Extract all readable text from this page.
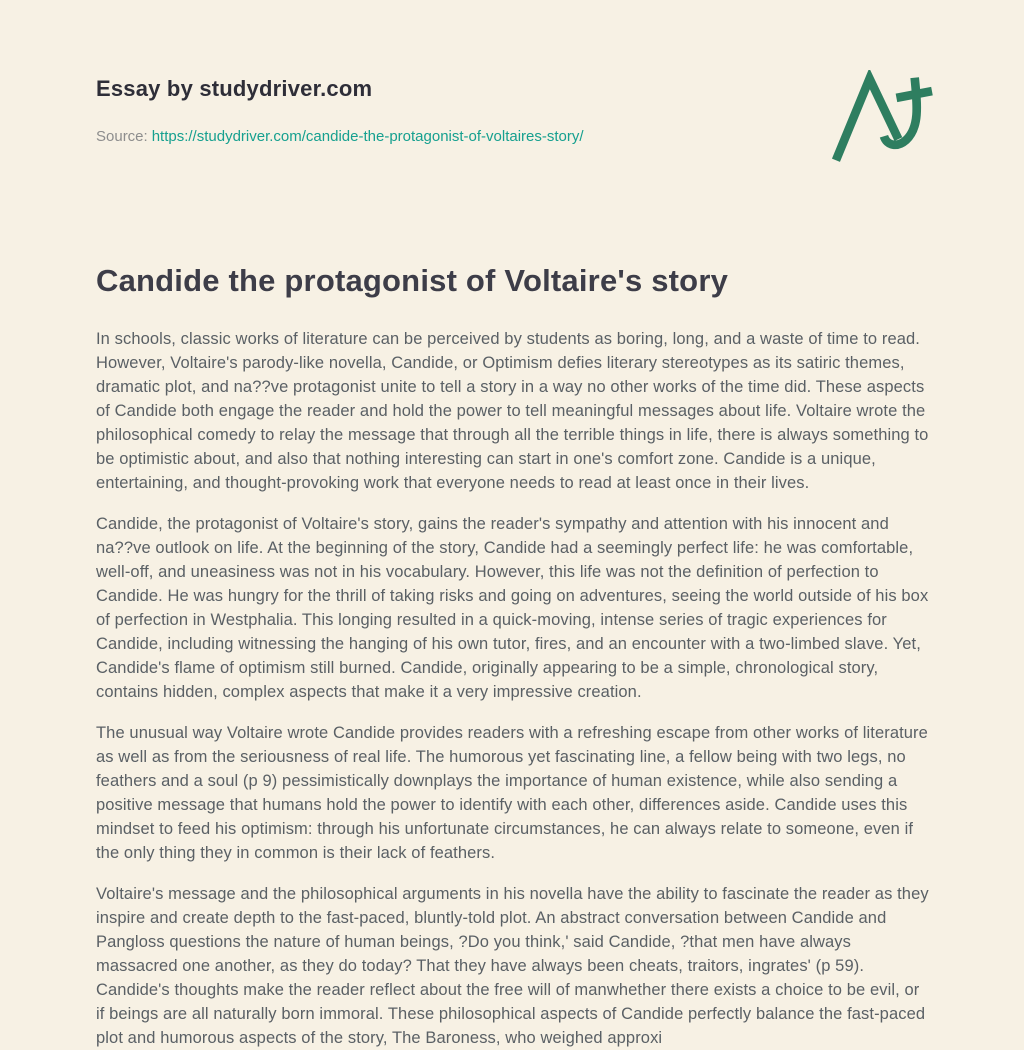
Essay by studydriver.com
Source: https://studydriver.com/candide-the-protagonist-of-voltaires-story/
Candide the protagonist of Voltaire's story

In schools, classic works of literature can be perceived by students as boring, long, and a waste of time to read. However, Voltaire's parody-like novella, Candide, or Optimism defies literary stereotypes as its satiric themes, dramatic plot, and na??ve protagonist unite to tell a story in a way no other works of the time did. These aspects of Candide both engage the reader and hold the power to tell meaningful messages about life. Voltaire wrote the philosophical comedy to relay the message that through all the terrible things in life, there is always something to be optimistic about, and also that nothing interesting can start in one's comfort zone. Candide is a unique, entertaining, and thought-provoking work that everyone needs to read at least once in their lives.

Candide, the protagonist of Voltaire's story, gains the reader's sympathy and attention with his innocent and na??ve outlook on life. At the beginning of the story, Candide had a seemingly perfect life: he was comfortable, well-off, and uneasiness was not in his vocabulary. However, this life was not the definition of perfection to Candide. He was hungry for the thrill of taking risks and going on adventures, seeing the world outside of his box of perfection in Westphalia. This longing resulted in a quick-moving, intense series of tragic experiences for Candide, including witnessing the hanging of his own tutor, fires, and an encounter with a two-limbed slave. Yet, Candide's flame of optimism still burned. Candide, originally appearing to be a simple, chronological story, contains hidden, complex aspects that make it a very impressive creation.

The unusual way Voltaire wrote Candide provides readers with a refreshing escape from other works of literature as well as from the seriousness of real life. The humorous yet fascinating line, a fellow being with two legs, no feathers and a soul (p 9) pessimistically downplays the importance of human existence, while also sending a positive message that humans hold the power to identify with each other, differences aside. Candide uses this mindset to feed his optimism: through his unfortunate circumstances, he can always relate to someone, even if the only thing they in common is their lack of feathers.

Voltaire's message and the philosophical arguments in his novella have the ability to fascinate the reader as they inspire and create depth to the fast-paced, bluntly-told plot. An abstract conversation between Candide and Pangloss questions the nature of human beings, ?Do you think,' said Candide, ?that men have always massacred one another, as they do today? That they have always been cheats, traitors, ingrates' (p 59). Candide's thoughts make the reader reflect about the free will of manwhether there exists a choice to be evil, or if beings are all naturally born immoral. These philosophical aspects of Candide perfectly balance the fast-paced plot and humorous aspects of the story, The Baroness, who weighed approxi
